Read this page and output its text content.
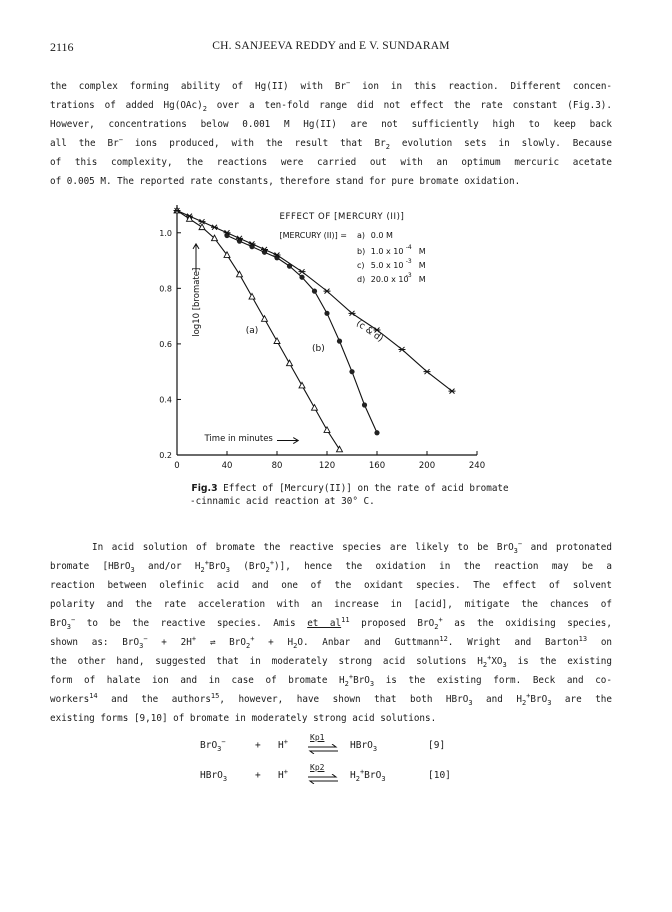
2116	CH. SANJEEVA REDDY and E V. SUNDARAM
the complex forming ability of Hg(II) with Br− ion in this reaction. Different concen-
trations of added $Hg(OAc)_2$ over a ten-fold range did not effect the rate constant (Fig.3).
However, concentrations below 0.001 M Hg(II) are not sufficiently high to keep back
all the Br− ions produced, with the result that $Br_2$ evolution sets in slowly. Because
of this complexity, the reactions were carried out with an optimum mercuric acetate
of 0.005 M. The reported rate constants, therefore stand for pure bromate oxidation.
0	40	80	120	160	200	240
0.2
0.4
0.6
0.8
1.0
log10 [bromate]
Time in minutes
(a)
(b)
(c & d)
EFFECT OF [MERCURY (II)]
[MERCURY (II)] = a) 0.0 M
b) 1.0 x 10 -4 M
c) 5.0 x 10 -3 M
d) 20.0 x 10
-3 M
Fig.3 Effect of [Mercury(II)] on the rate of acid bromate
-cinnamic acid reaction at 30° C.
In acid solution of bromate the reactive species are likely to be BrO$_3$− and protonated
bromate [HBrO$_3$ and/or $H_2^+BrO_3$ (BrO$_2$+)], hence the oxidation in the reaction may be a
reaction between olefinic acid and one of the oxidant species. The effect of solvent
polarity and the rate acceleration with an increase in [acid], mitigate the chances of
BrO$_3$− to be the reactive species. Amis et $al^{11}$ proposed BrO$_2$+ as the oxidising species,
shown as: BrO$_3$− + 2H+ ⇌ $BrO_2^+ + H_2O$. Anbar and Guttmann$^{12}$. Wright and Barton$^{13}$ on
the other hand, suggested that in moderately strong acid solutions $H_2^+XO_3$ is the existing
form of halate ion and in case of bromate $H_2^+BrO_3$ is the existing form. Beck and co-
workers$^{14}$ and the authors$^{15}$, however, have shown that both HBrO$_3$ and $H_2^+BrO_3$ are the
existing forms [9,10] of bromate in moderately strong acid solutions.
BrO$_3$−	+ H+	$^{Kp1}$
⇌ HBrO$_3$	[9]
HBrO$_3$	+ H+	$^{Kp2}$
⇌ $H_2^+BrO_3$	[10]
